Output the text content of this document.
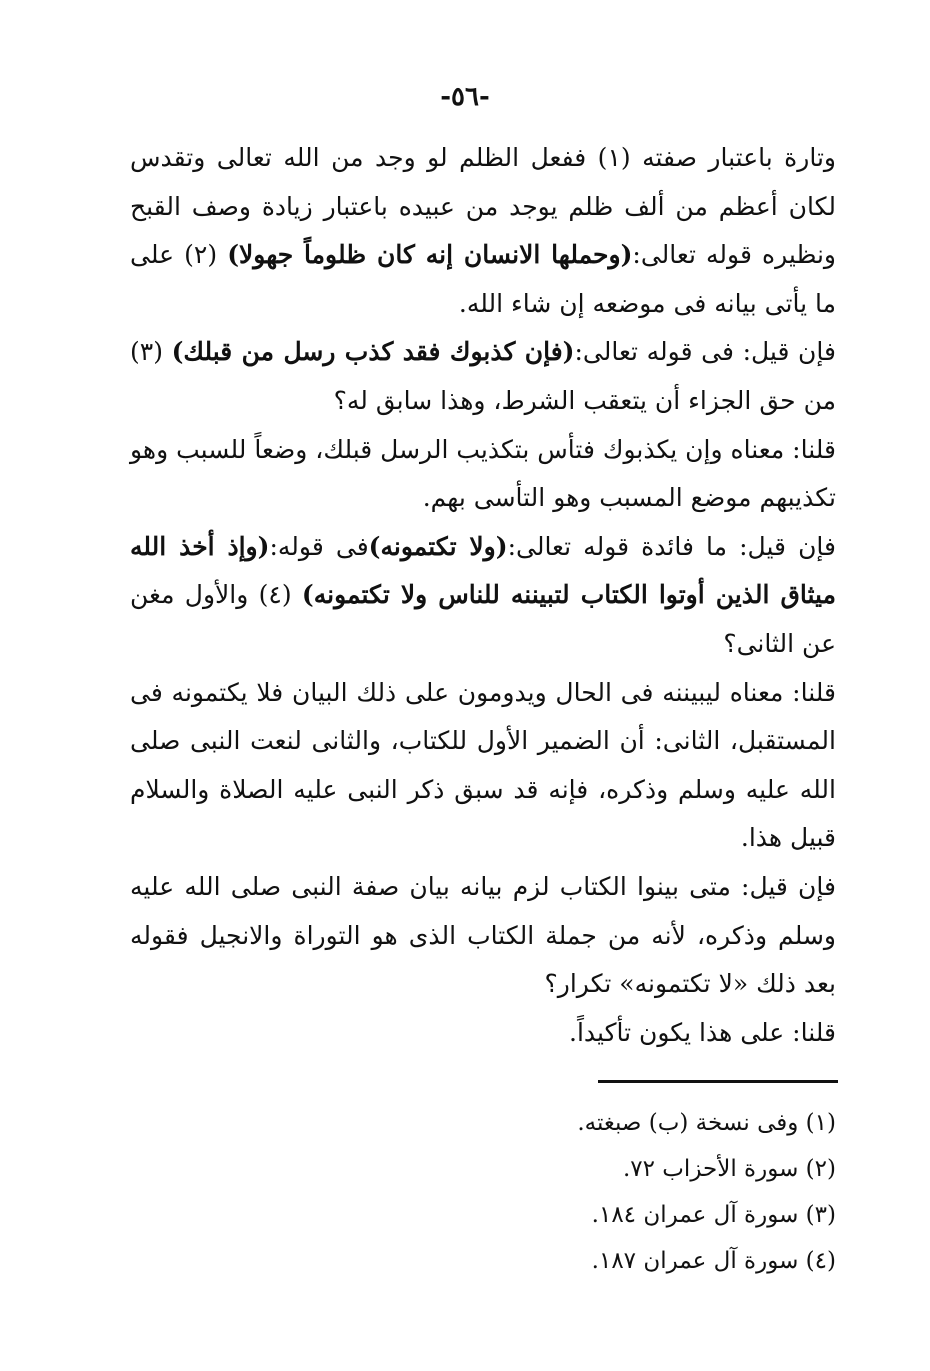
-٥٦-

وتارة باعتبار صفته (١) ففعل الظلم لو وجد من الله تعالى وتقدس لكان أعظم من ألف ظلم يوجد من عبيده باعتبار زيادة وصف القبح ونظيره قوله تعالى:(وحملها الانسان إنه كان ظلوماً جهولا) (٢) على ما يأتى بيانه فى موضعه إن شاء الله.

فإن قيل: فى قوله تعالى:(فإن كذبوك فقد كذب رسل من قبلك) (٣) من حق الجزاء أن يتعقب الشرط، وهذا سابق له؟

قلنا: معناه وإن يكذبوك فتأس بتكذيب الرسل قبلك، وضعاً للسبب وهو تكذيبهم موضع المسبب وهو التأسى بهم.

فإن قيل: ما فائدة قوله تعالى:(ولا تكتمونه)فى قوله:(وإذ أخذ الله ميثاق الذين أوتوا الكتاب لتبيننه للناس ولا تكتمونه) (٤) والأول مغن عن الثانى؟

قلنا: معناه ليبيننه فى الحال ويدومون على ذلك البيان فلا يكتمونه فى المستقبل، الثانى: أن الضمير الأول للكتاب، والثانى لنعت النبى صلى الله عليه وسلم وذكره، فإنه قد سبق ذكر النبى عليه الصلاة والسلام قبيل هذا.

فإن قيل: متى بينوا الكتاب لزم بيانه بيان صفة النبى صلى الله عليه وسلم وذكره، لأنه من جملة الكتاب الذى هو التوراة والانجيل فقوله بعد ذلك «لا تكتمونه» تكرار؟

قلنا: على هذا يكون تأكيداً.

(١) وفى نسخة (ب) صبغته.
(٢) سورة الأحزاب ٧٢.
(٣) سورة آل عمران ١٨٤.
(٤) سورة آل عمران ١٨٧.
